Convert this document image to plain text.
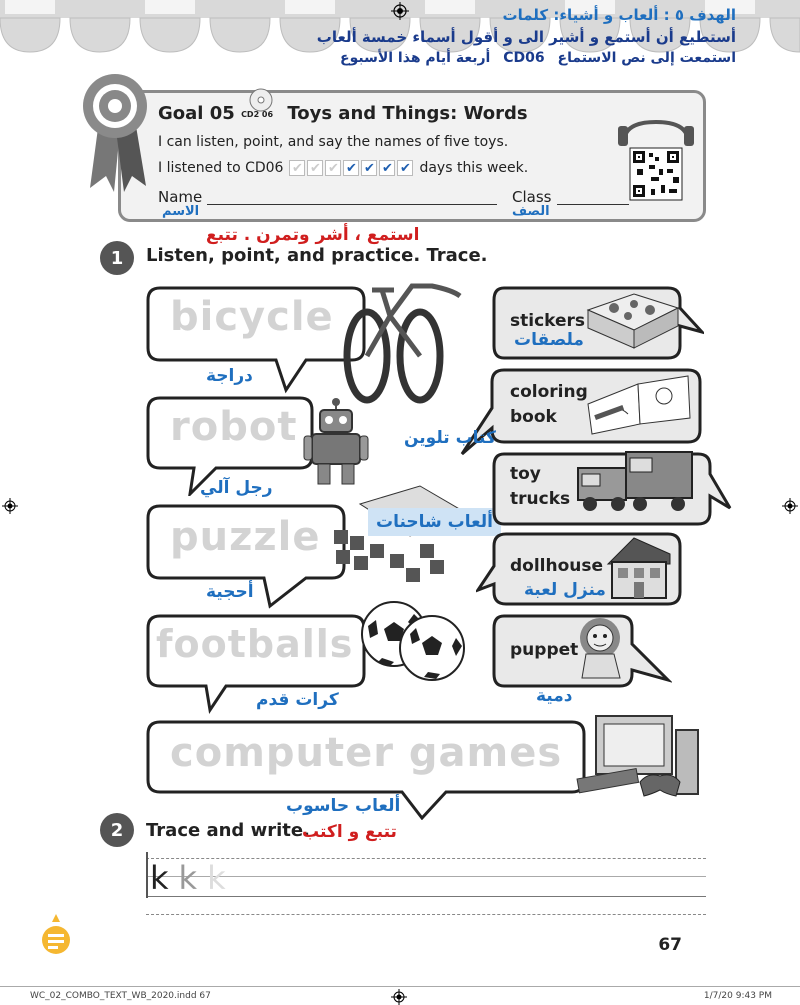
الهدف ٥ : ألعاب و أشياء: كلمات
أستطيع أن أستمع و أشير الى و أقول أسماء خمسة ألعاب
استمعت إلى نص الاستماع CD06 أربعة أيام هذا الأسبوع
Goal 05 CD2 06 Toys and Things: Words
I can listen, point, and say the names of five toys.
I listened to CD06 ✔ ✔ ✔ ✔ ✔ ✔ ✔ days this week.
Name
الاسم
Class
الصف
استمع ، أشر وتمرن . تتبع
1	Listen, point, and practice. Trace.
bicycle
دراجة
robot
رجل آلي
puzzle
أحجية
ألعاب شاحنات
footballs
كرات قدم
computer games
ألعاب حاسوب
stickers
ملصقات
coloring
book
كتاب تلوين
toy
trucks
dollhouse
منزل لعبة
puppet
دمية
2	Trace and write.
تتبع و اكتب
k k k
67
WC_02_COMBO_TEXT_WB_2020.indd 67	1/7/20 9:43 PM
